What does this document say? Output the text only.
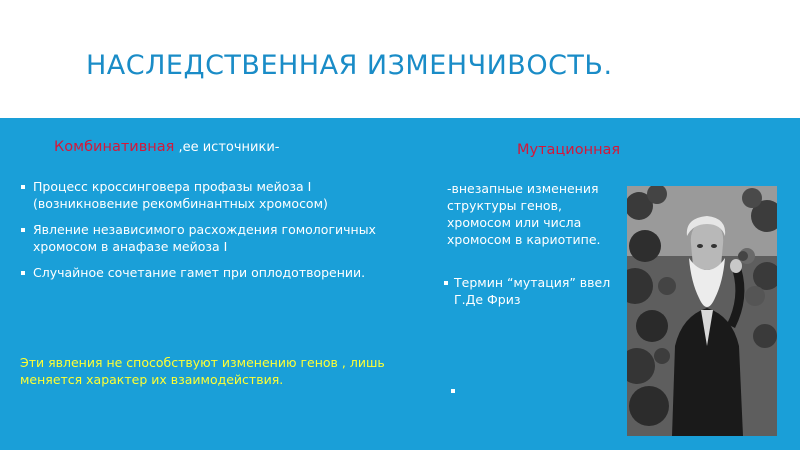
НАСЛЕДСТВЕННАЯ ИЗМЕНЧИВОСТЬ.
Комбинативная ,ее источники-
Процесс кроссинговера профазы мейоза I (возникновение рекомбинантных хромосом)
Явление независимого расхождения гомологичных хромосом в анафазе мейоза I
Случайное сочетание гамет при оплодотворении.
Эти явления не способствуют изменению генов , лишь меняется характер их взаимодействия.
Мутационная
-внезапные изменения структуры генов, хромосом или числа хромосом в кариотипе.
Термин “мутация” ввел Г.Де Фриз
